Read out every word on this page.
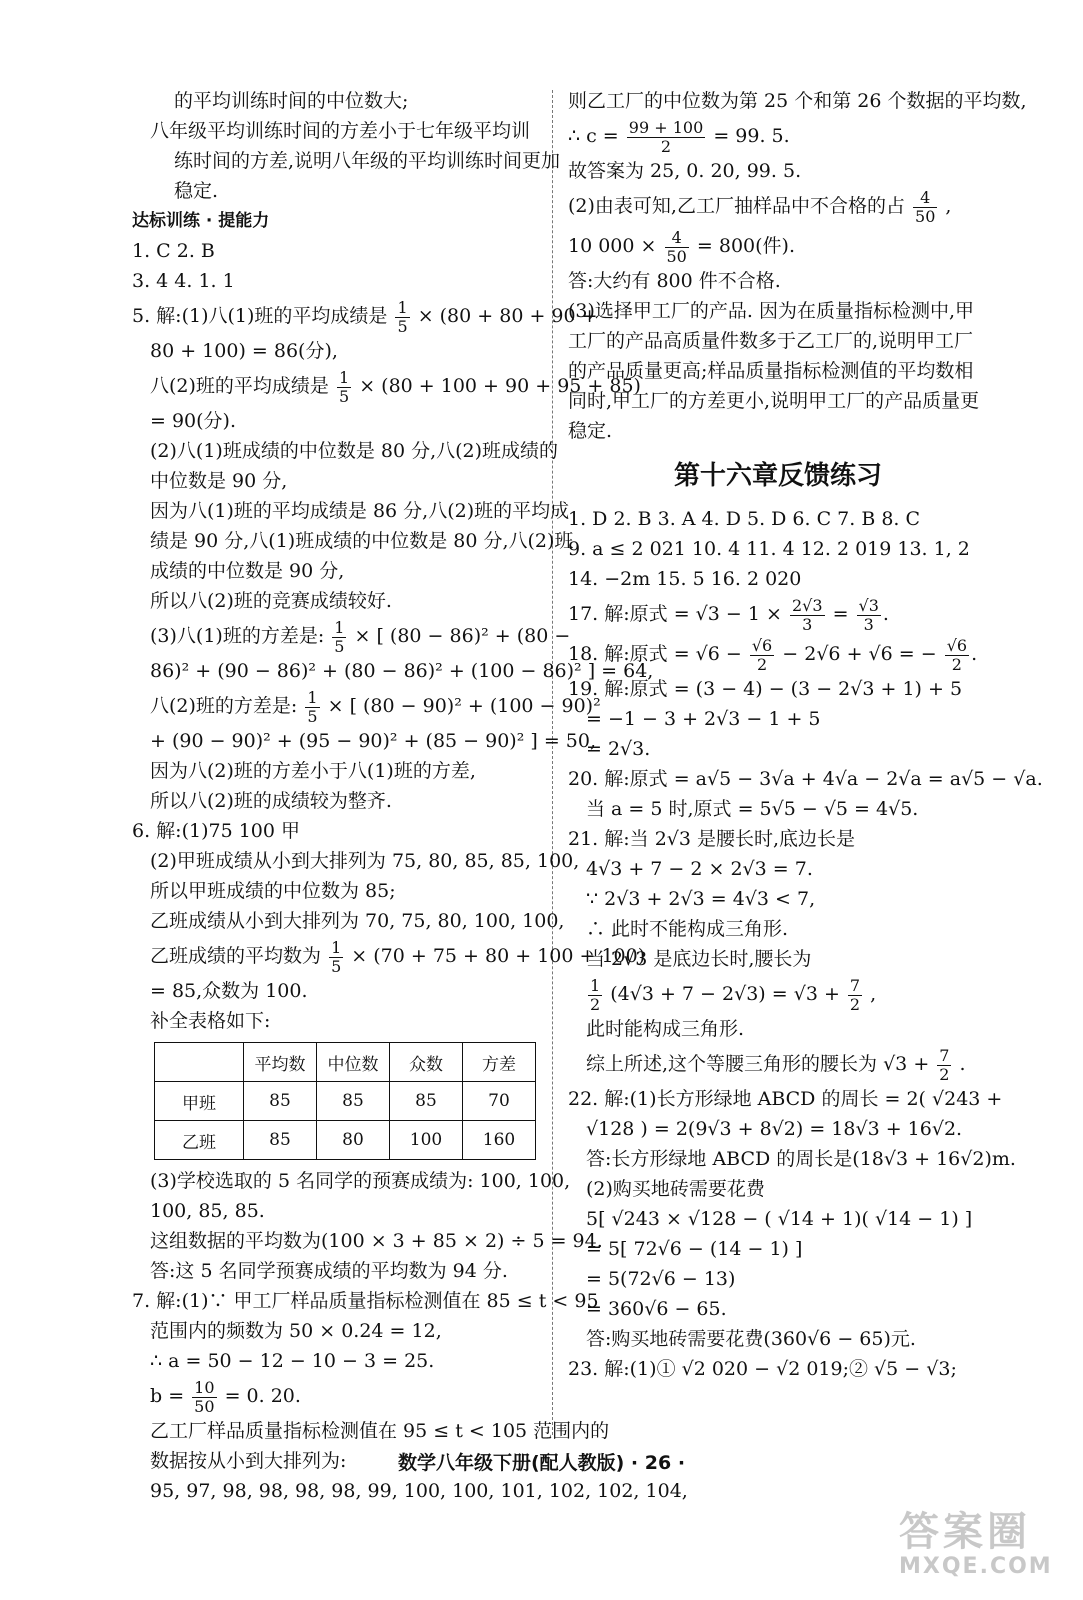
的平均训练时间的中位数大;
八年级平均训练时间的方差小于七年级平均训
练时间的方差,说明八年级的平均训练时间更加
稳定.
达标训练 · 提能力
1. C 2. B
3. 4 4. 1. 1
5. 解:(1)八(1)班的平均成绩是 $\frac{1}{5} \times (80 + 80 + 90$ +
80 + 100) = 86(分),
八(2)班的平均成绩是 $\frac{1}{5} \times (80 + 100 + 90 + 95 + 85)$
= 90(分).
(2)八(1)班成绩的中位数是 80 分,八(2)班成绩的
中位数是 90 分,
因为八(1)班的平均成绩是 86 分,八(2)班的平均成
绩是 90 分,八(1)班成绩的中位数是 80 分,八(2)班
成绩的中位数是 90 分,
所以八(2)班的竞赛成绩较好.
(3)八(1)班的方差是: $\frac{1}{5}$ × [ (80 − 86)² + (80 −
86)² + (90 − 86)² + (80 − 86)² + (100 − 86)² ] = 64,
八(2)班的方差是: $\frac{1}{5}$ × [ (80 − 90)² + (100 − 90)²
+ (90 − 90)² + (95 − 90)² + (85 − 90)² ] = 50,
因为八(2)班的方差小于八(1)班的方差,
所以八(2)班的成绩较为整齐.
6. 解:(1)75 100 甲
(2)甲班成绩从小到大排列为 75, 80, 85, 85, 100,
所以甲班成绩的中位数为 85;
乙班成绩从小到大排列为 70, 75, 80, 100, 100,
乙班成绩的平均数为 $\frac{1}{5} \times (70 + 75 + 80 + 100 + 100)$
= 85,众数为 100.
补全表格如下:
	平均数	中位数	众数	方差
甲班	85	85	85	70
乙班	85	80	100	160
(3)学校选取的 5 名同学的预赛成绩为: 100, 100,
100, 85, 85.
这组数据的平均数为(100 × 3 + 85 × 2) ÷ 5 = 94.
答:这 5 名同学预赛成绩的平均数为 94 分.
7. 解:(1)∵ 甲工厂样品质量指标检测值在 85 ≤ t < 95
范围内的频数为 50 × 0.24 = 12,
∴ a = 50 − 12 − 10 − 3 = 25.
$b = \frac{10}{50} = 0$. 20.
乙工厂样品质量指标检测值在 95 ≤ t < 105 范围内的
数据按从小到大排列为:
95, 97, 98, 98, 98, 98, 99, 100, 100, 101, 102, 102, 104,
则乙工厂的中位数为第 25 个和第 26 个数据的平均数,
∴ $c = \frac{99 + 100}{2} = 99$. 5.
故答案为 25, 0. 20, 99. 5.
(2)由表可知,乙工厂抽样品中不合格的占 $\frac{4}{50}$ ,
10 $000 \times \frac{4}{50} = 800$(件).
答:大约有 800 件不合格.
(3)选择甲工厂的产品. 因为在质量指标检测中,甲
工厂的产品高质量件数多于乙工厂的,说明甲工厂
的产品质量更高;样品质量指标检测值的平均数相
同时,甲工厂的方差更小,说明甲工厂的产品质量更
稳定.
第十六章反馈练习
1. D 2. B 3. A 4. D 5. D 6. C 7. B 8. C
9. a ≤ 2 021 10. 4 11. 4 12. 2 019 13. 1, 2
14. −2m 15. 5 16. 2 020
17. 解:原式 = $√3 - 1 \times \frac{2√3}{3} = \frac{√3}{3}$ .
18. 解:原式 = $√6 - \frac{√6}{2} - 2√6 + √6$ = − $\frac{√6}{2}$ .
19. 解:原式 = (3 − 4) − (3 − 2√3 + 1) + 5
= −1 − 3 + 2√3 − 1 + 5
= 2√3.
20. 解:原式 = a√5 − 3√a + 4√a − 2√a = a√5 − √a.
当 a = 5 时,原式 = 5√5 − √5 = 4√5.
21. 解:当 2√3 是腰长时,底边长是
4√3 + 7 − 2 × 2√3 = 7.
∵ 2√3 + 2√3 = 4√3 < 7,
∴ 此时不能构成三角形.
当 2√3 是底边长时,腰长为
$\frac{1}{2} (4√3 + 7 - 2√3) = √3 + \frac{7}{2}$ ,
此时能构成三角形.
综上所述,这个等腰三角形的腰长为 $√3 + \frac{7}{2}$ .
22. 解:(1)长方形绿地 ABCD 的周长 = 2( √243 +
√128 ) = 2(9√3 + 8√2) = 18√3 + 16√2.
答:长方形绿地 ABCD 的周长是(18√3 + 16√2)m.
(2)购买地砖需要花费
5[ √243 × √128 − ( √14 + 1)( √14 − 1) ]
= 5[ 72√6 − (14 − 1) ]
= 5(72√6 − 13)
= 360√6 − 65.
答:购买地砖需要花费(360√6 − 65)元.
23. 解:(1)① √2 020 − √2 019;② √5 − √3;
数学八年级下册(配人教版) · 26 ·
答案圈
MXQE.COM
